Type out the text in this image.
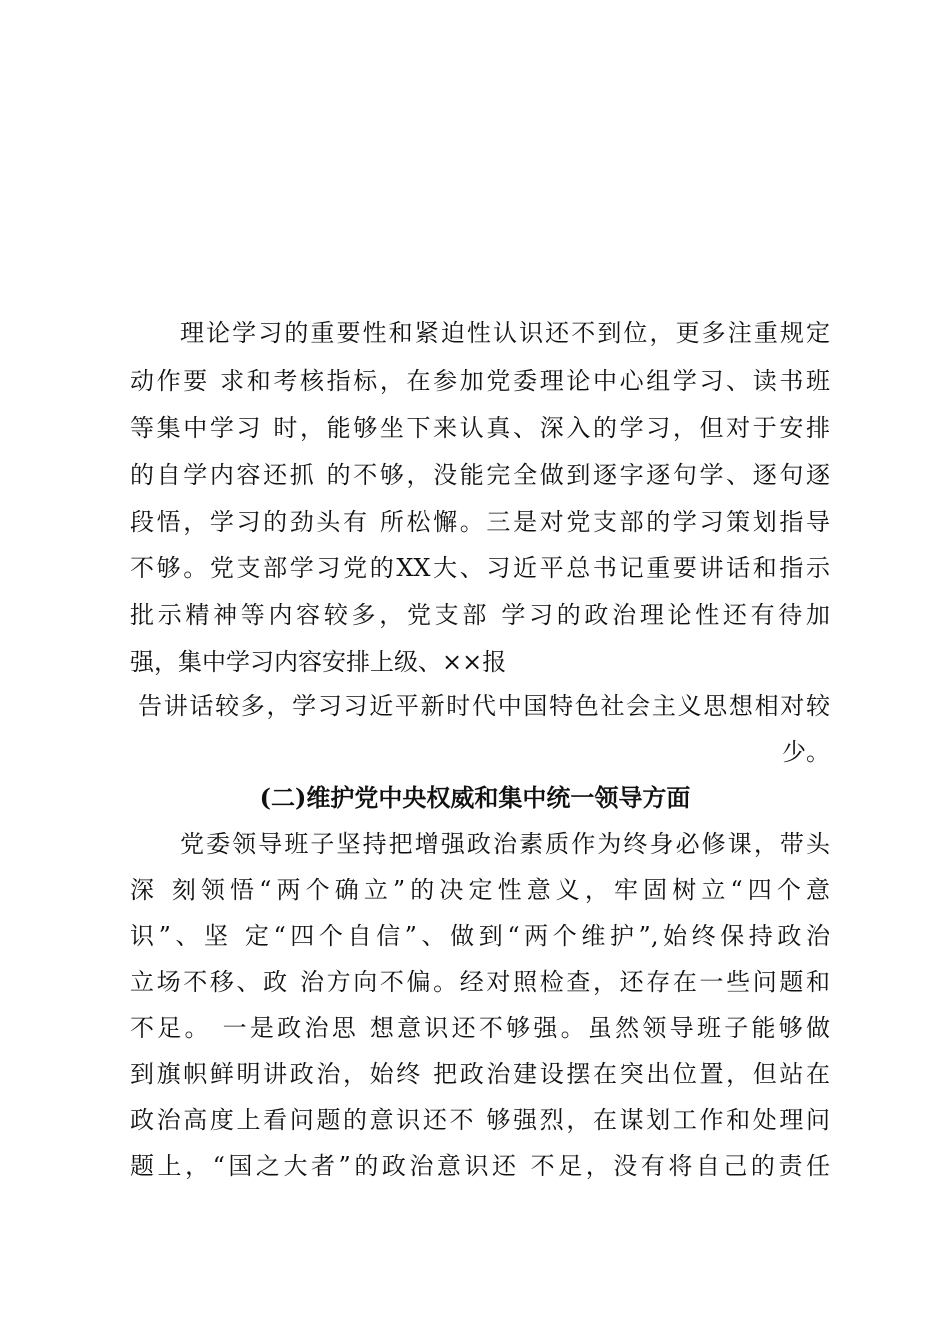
理论学习的重要性和紧迫性认识还不到位，更多注重规定
动作要 求和考核指标，在参加党委理论中心组学习、读书班
等集中学习 时，能够坐下来认真、深入的学习，但对于安排
的自学内容还抓 的不够，没能完全做到逐字逐句学、逐句逐
段悟，学习的劲头有 所松懈。三是对党支部的学习策划指导
不够。党支部学习党的XX大、习近平总书记重要讲话和指示
批示精神等内容较多，党支部 学习的政治理论性还有待加
强，集中学习内容安排上级、××报
告讲话较多，学习习近平新时代中国特色社会主义思想相对较
少。
(二)维护党中央权威和集中统一领导方面
党委领导班子坚持把增强政治素质作为终身必修课，带头
深 刻领悟“两个确立”的决定性意义，牢固树立“四个意
识”、坚 定“四个自信”、做到“两个维护”,始终保持政治
立场不移、政 治方向不偏。经对照检查，还存在一些问题和
不足。 一是政治思 想意识还不够强。虽然领导班子能够做
到旗帜鲜明讲政治，始终 把政治建设摆在突出位置，但站在
政治高度上看问题的意识还不 够强烈，在谋划工作和处理问
题上，“国之大者”的政治意识还 不足，没有将自己的责任
